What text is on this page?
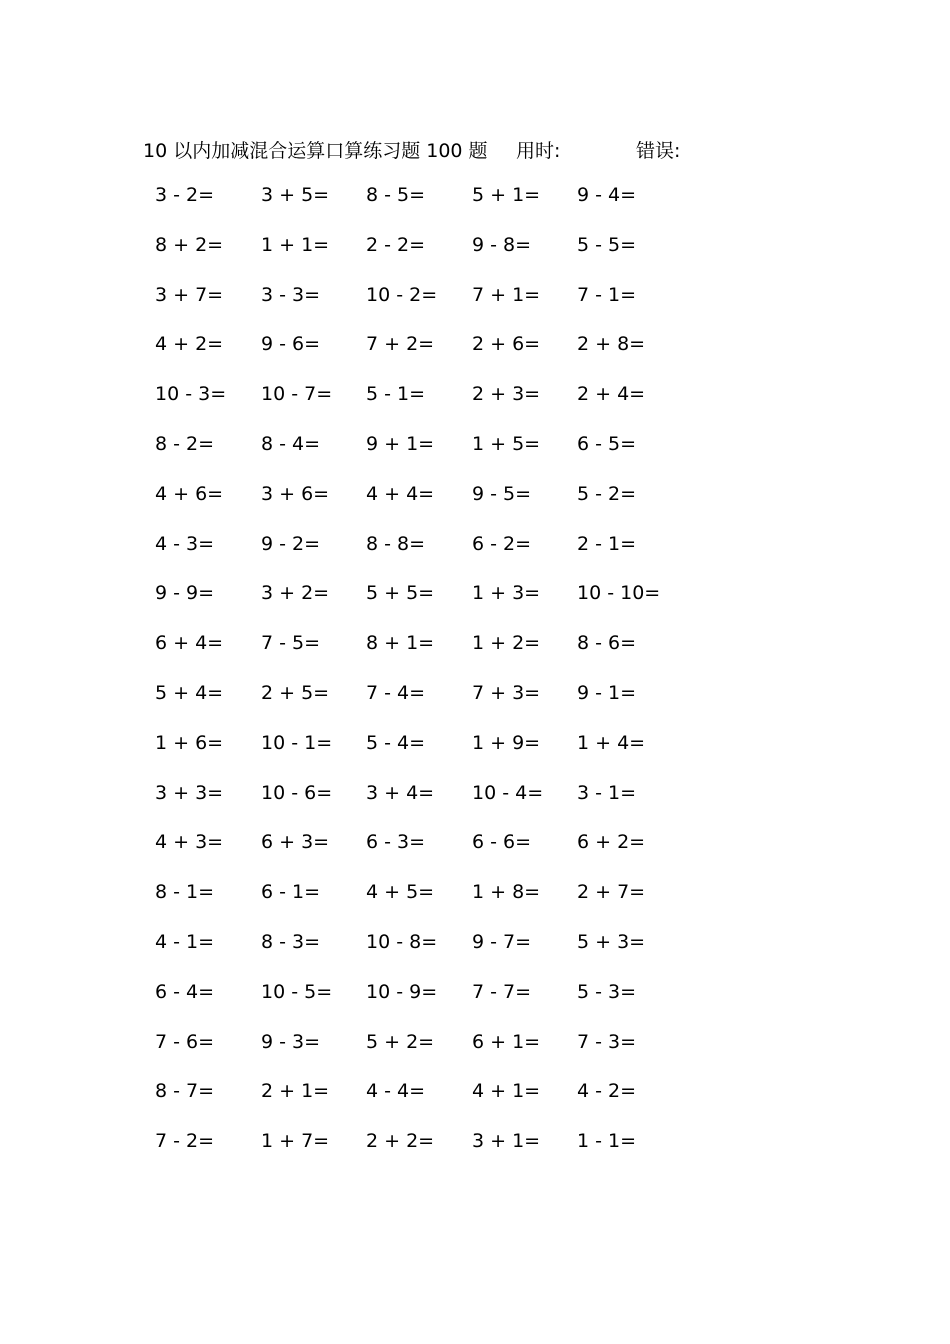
10 以内加减混合运算口算练习题 100 题 用时:	错误:
3 - 2= 3 + 5= 8 - 5= 5 + 1= 9 - 4=
8 + 2= 1 + 1= 2 - 2= 9 - 8= 5 - 5=
3 + 7= 3 - 3= 10 - 2= 7 + 1= 7 - 1=
4 + 2= 9 - 6= 7 + 2= 2 + 6= 2 + 8=
10 - 3= 10 - 7= 5 - 1= 2 + 3= 2 + 4=
8 - 2= 8 - 4= 9 + 1= 1 + 5= 6 - 5=
4 + 6= 3 + 6= 4 + 4= 9 - 5= 5 - 2=
4 - 3= 9 - 2= 8 - 8= 6 - 2= 2 - 1=
9 - 9= 3 + 2= 5 + 5= 1 + 3= 10 - 10=
6 + 4= 7 - 5= 8 + 1= 1 + 2= 8 - 6=
5 + 4= 2 + 5= 7 - 4= 7 + 3= 9 - 1=
1 + 6= 10 - 1= 5 - 4= 1 + 9= 1 + 4=
3 + 3= 10 - 6= 3 + 4= 10 - 4= 3 - 1=
4 + 3= 6 + 3= 6 - 3= 6 - 6= 6 + 2=
8 - 1= 6 - 1= 4 + 5= 1 + 8= 2 + 7=
4 - 1= 8 - 3= 10 - 8= 9 - 7= 5 + 3=
6 - 4= 10 - 5= 10 - 9= 7 - 7= 5 - 3=
7 - 6= 9 - 3= 5 + 2= 6 + 1= 7 - 3=
8 - 7= 2 + 1= 4 - 4= 4 + 1= 4 - 2=
7 - 2= 1 + 7= 2 + 2= 3 + 1= 1 - 1=
